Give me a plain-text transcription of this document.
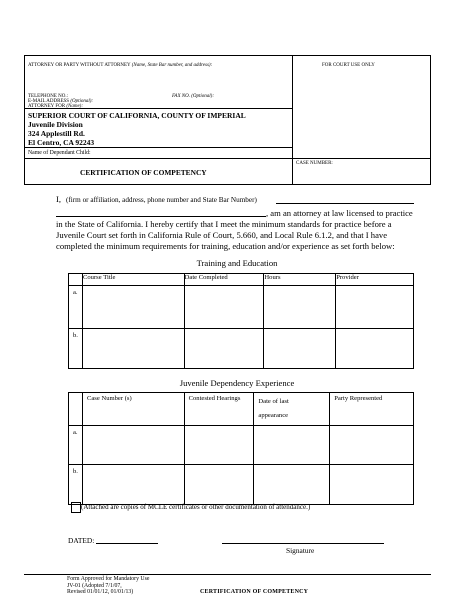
ATTORNEY OR PARTY WITHOUT ATTORNEY (Name, State Bar number, and address):	FOR COURT USE ONLY
TELEPHONE NO.:	FAX NO. (Optional):
E-MAIL ADDRESS (Optional):
ATTORNEY FOR (Name):
SUPERIOR COURT OF CALIFORNIA, COUNTY OF IMPERIAL
Juvenile Division
324 Applestill Rd.
El Centro, CA 92243
Name of Dependant Child:
CERTIFICATION OF COMPETENCY
CASE NUMBER:
I, (firm or affiliation, address, phone number and State Bar Number)
, am an attorney at law licensed to practice
in the State of California. I hereby certify that I meet the minimum standards for practice before a
Juvenile Court set forth in California Rule of Court, 5.660, and Local Rule 6.1.2, and that I have
completed the minimum requirements for training, education and/or experience as set forth below:
Training and Education
	Course Title	Date Completed	Hours	Provider
a.				
b.				
Juvenile Dependency Experience
	Case Number (s)	Contested Hearings	Date of last
appearance	Party Represented
a.				
b.				
(Attached are copies of MCLE certificates or other documentation of attendance.)
DATED:
Signature
Form Approved for Mandatory Use
JV-01 (Adopted 7/1/07,
Revised 01/01/12, 01/01/13)	CERTIFICATION OF COMPETENCY
